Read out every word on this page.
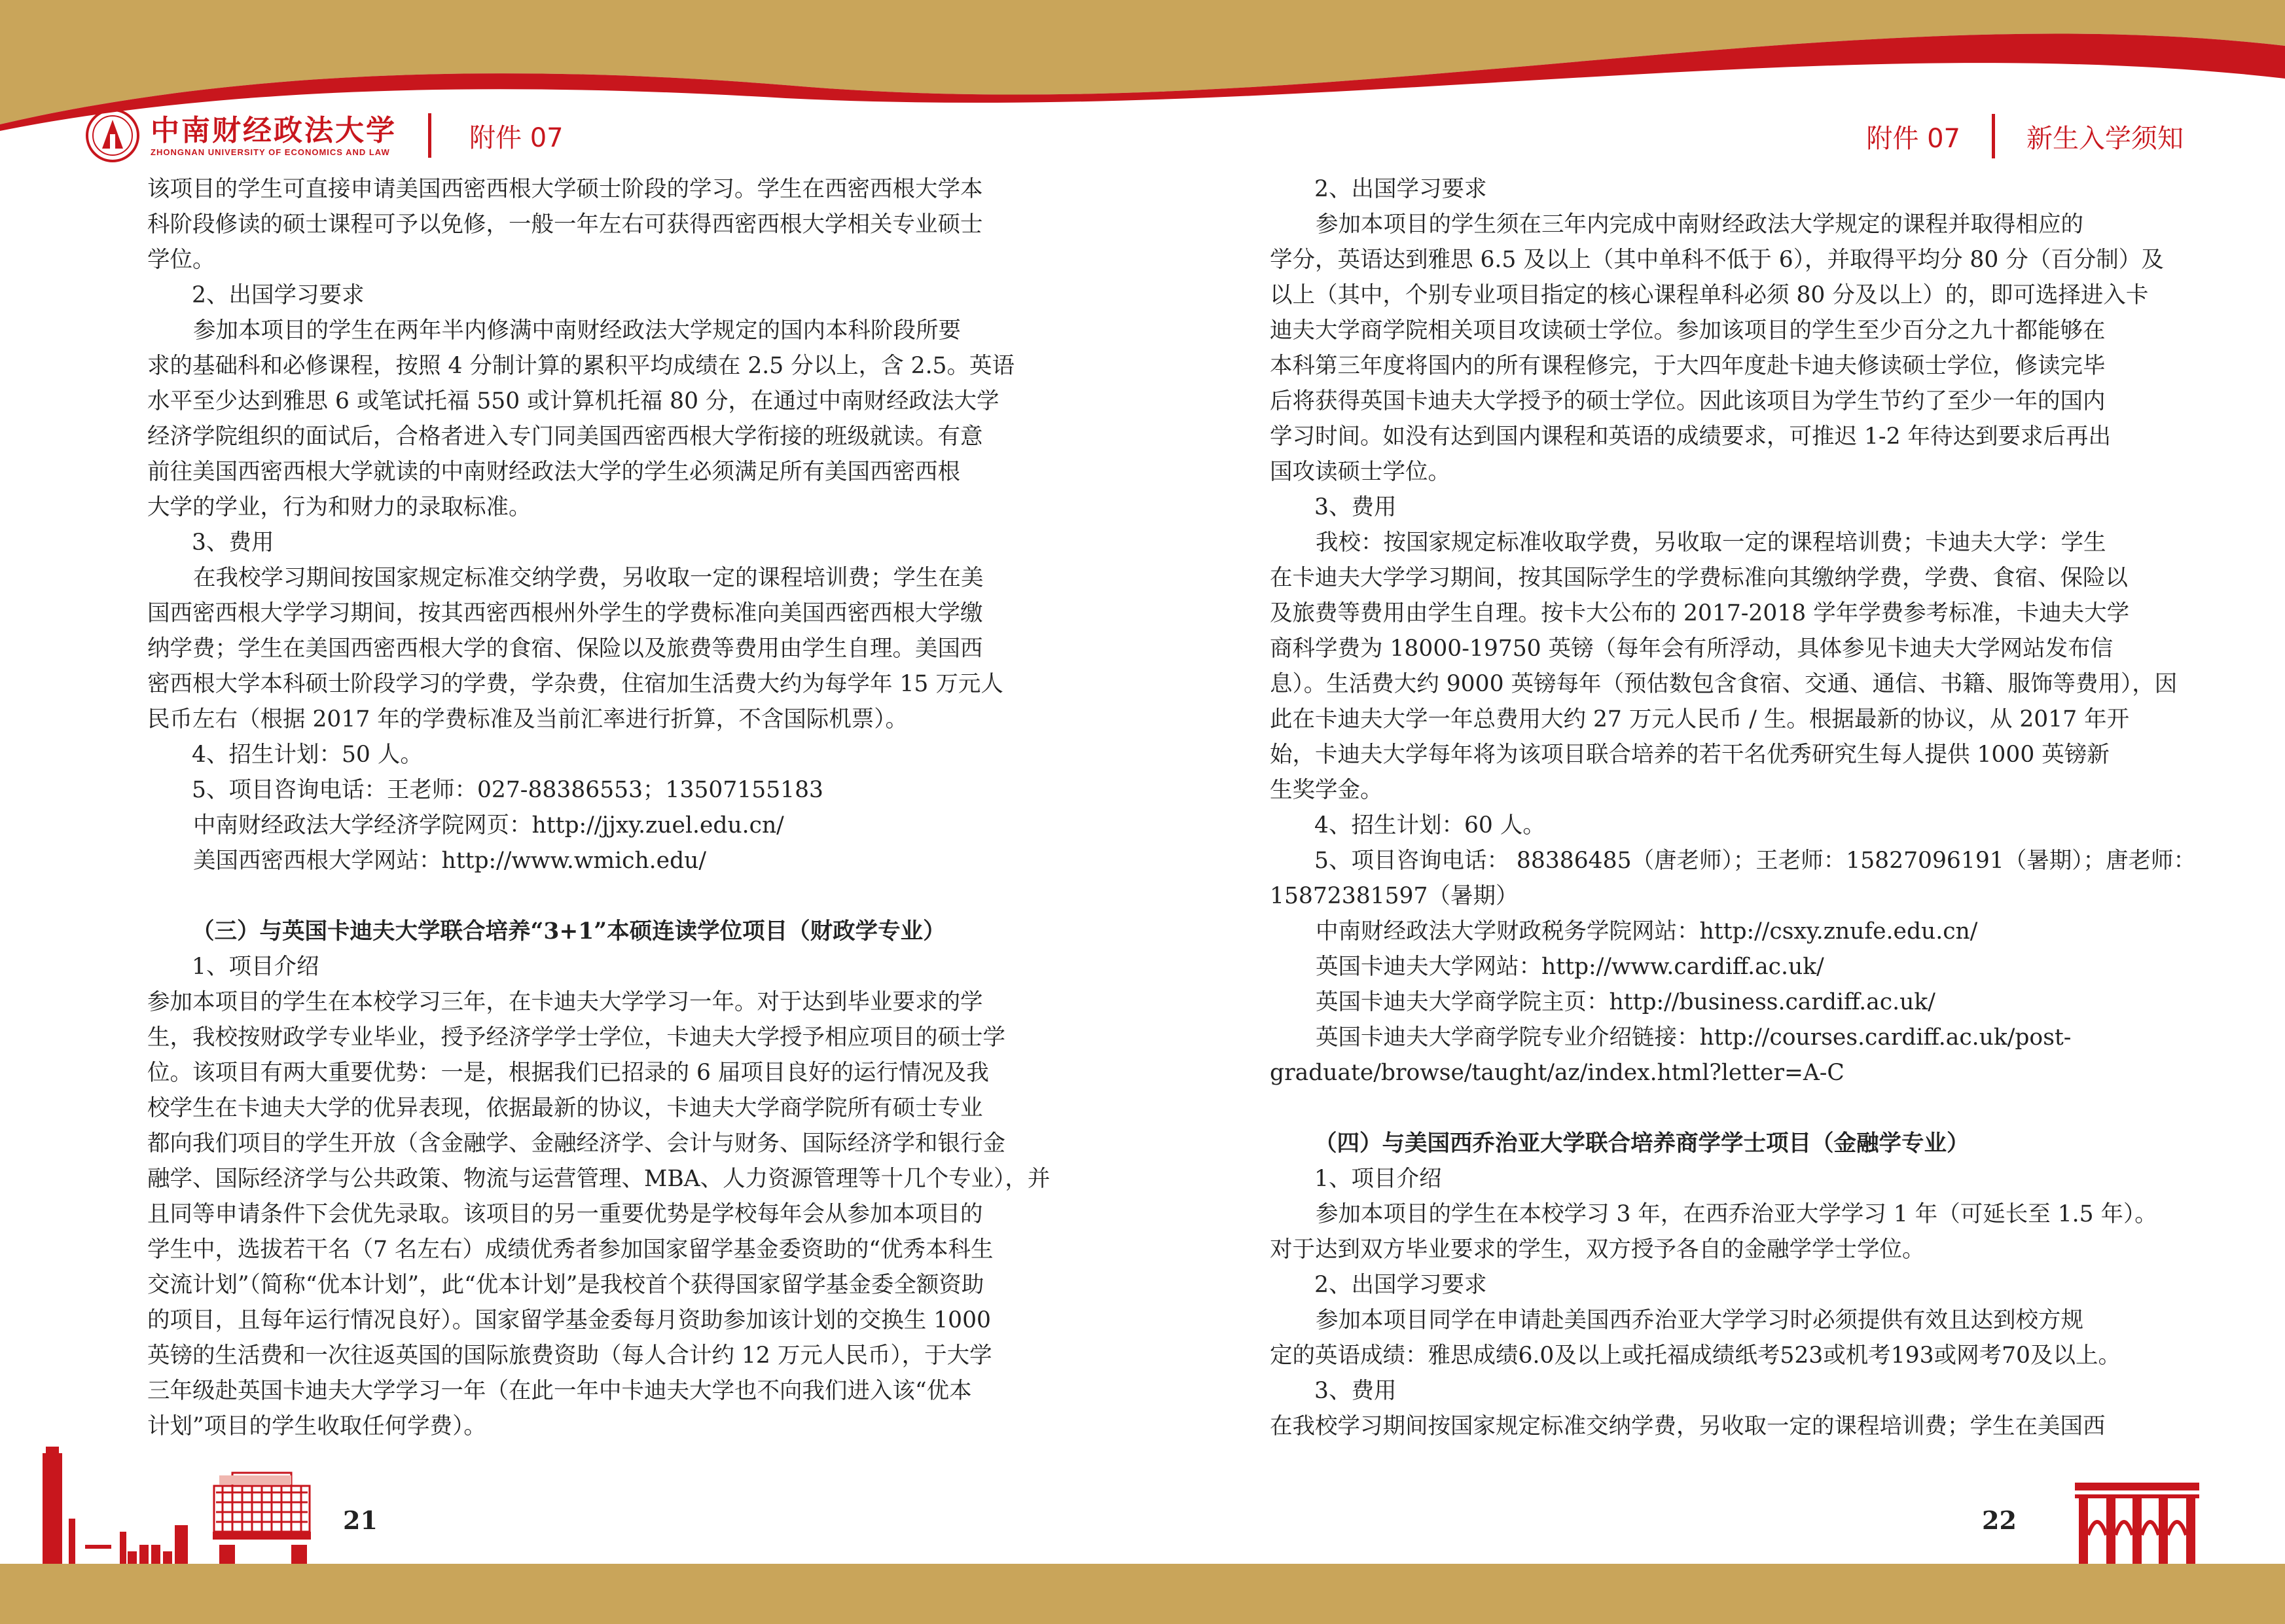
中南财经政法大学
ZHONGNAN UNIVERSITY OF ECONOMICS AND LAW	附件 07	附件 07	新生入学须知
该项目的学生可直接申请美国西密西根大学硕士阶段的学习。学生在西密西根大学本
科阶段修读的硕士课程可予以免修，一般一年左右可获得西密西根大学相关专业硕士
学位。
2、出国学习要求
参加本项目的学生在两年半内修满中南财经政法大学规定的国内本科阶段所要
求的基础科和必修课程，按照 4 分制计算的累积平均成绩在 2.5 分以上，含 2.5。英语
水平至少达到雅思 6 或笔试托福 550 或计算机托福 80 分，在通过中南财经政法大学
经济学院组织的面试后，合格者进入专门同美国西密西根大学衔接的班级就读。有意
前往美国西密西根大学就读的中南财经政法大学的学生必须满足所有美国西密西根
大学的学业，行为和财力的录取标准。
3、费用
在我校学习期间按国家规定标准交纳学费，另收取一定的课程培训费；学生在美
国西密西根大学学习期间，按其西密西根州外学生的学费标准向美国西密西根大学缴
纳学费；学生在美国西密西根大学的食宿、保险以及旅费等费用由学生自理。美国西
密西根大学本科硕士阶段学习的学费，学杂费，住宿加生活费大约为每学年 15 万元人
民币左右（根据 2017 年的学费标准及当前汇率进行折算，不含国际机票）。
4、招生计划：50 人。
5、项目咨询电话：王老师：027-88386553；13507155183
中南财经政法大学经济学院网页：http://jjxy.zuel.edu.cn/
美国西密西根大学网站：http://www.wmich.edu/
（三）与英国卡迪夫大学联合培养“3+1”本硕连读学位项目（财政学专业）
1、项目介绍
参加本项目的学生在本校学习三年，在卡迪夫大学学习一年。对于达到毕业要求的学
生，我校按财政学专业毕业，授予经济学学士学位，卡迪夫大学授予相应项目的硕士学
位。该项目有两大重要优势：一是，根据我们已招录的 6 届项目良好的运行情况及我
校学生在卡迪夫大学的优异表现，依据最新的协议，卡迪夫大学商学院所有硕士专业
都向我们项目的学生开放（含金融学、金融经济学、会计与财务、国际经济学和银行金
融学、国际经济学与公共政策、物流与运营管理、MBA、人力资源管理等十几个专业），并
且同等申请条件下会优先录取。该项目的另一重要优势是学校每年会从参加本项目的
学生中，选拔若干名（7 名左右）成绩优秀者参加国家留学基金委资助的“优秀本科生
交流计划”（简称“优本计划”，此“优本计划”是我校首个获得国家留学基金委全额资助
的项目，且每年运行情况良好）。国家留学基金委每月资助参加该计划的交换生 1000
英镑的生活费和一次往返英国的国际旅费资助（每人合计约 12 万元人民币），于大学
三年级赴英国卡迪夫大学学习一年（在此一年中卡迪夫大学也不向我们进入该“优本
计划”项目的学生收取任何学费）。
2、出国学习要求
参加本项目的学生须在三年内完成中南财经政法大学规定的课程并取得相应的
学分，英语达到雅思 6.5 及以上（其中单科不低于 6），并取得平均分 80 分（百分制）及
以上（其中，个别专业项目指定的核心课程单科必须 80 分及以上）的，即可选择进入卡
迪夫大学商学院相关项目攻读硕士学位。参加该项目的学生至少百分之九十都能够在
本科第三年度将国内的所有课程修完，于大四年度赴卡迪夫修读硕士学位，修读完毕
后将获得英国卡迪夫大学授予的硕士学位。因此该项目为学生节约了至少一年的国内
学习时间。如没有达到国内课程和英语的成绩要求，可推迟 1-2 年待达到要求后再出
国攻读硕士学位。
3、费用
我校：按国家规定标准收取学费，另收取一定的课程培训费；卡迪夫大学：学生
在卡迪夫大学学习期间，按其国际学生的学费标准向其缴纳学费，学费、食宿、保险以
及旅费等费用由学生自理。按卡大公布的 2017-2018 学年学费参考标准，卡迪夫大学
商科学费为 18000-19750 英镑（每年会有所浮动，具体参见卡迪夫大学网站发布信
息）。生活费大约 9000 英镑每年（预估数包含食宿、交通、通信、书籍、服饰等费用），因
此在卡迪夫大学一年总费用大约 27 万元人民币 / 生。根据最新的协议，从 2017 年开
始，卡迪夫大学每年将为该项目联合培养的若干名优秀研究生每人提供 1000 英镑新
生奖学金。
4、招生计划：60 人。
5、项目咨询电话： 88386485（唐老师）；王老师：15827096191（暑期）；唐老师：
15872381597（暑期）
中南财经政法大学财政税务学院网站：http://csxy.znufe.edu.cn/
英国卡迪夫大学网站：http://www.cardiff.ac.uk/
英国卡迪夫大学商学院主页：http://business.cardiff.ac.uk/
英国卡迪夫大学商学院专业介绍链接：http://courses.cardiff.ac.uk/post-
graduate/browse/taught/az/index.html?letter=A-C
（四）与美国西乔治亚大学联合培养商学学士项目（金融学专业）
1、项目介绍
参加本项目的学生在本校学习 3 年，在西乔治亚大学学习 1 年（可延长至 1.5 年）。
对于达到双方毕业要求的学生，双方授予各自的金融学学士学位。
2、出国学习要求
参加本项目同学在申请赴美国西乔治亚大学学习时必须提供有效且达到校方规
定的英语成绩：雅思成绩6.0及以上或托福成绩纸考523或机考193或网考70及以上。
3、费用
在我校学习期间按国家规定标准交纳学费，另收取一定的课程培训费；学生在美国西
21	22
